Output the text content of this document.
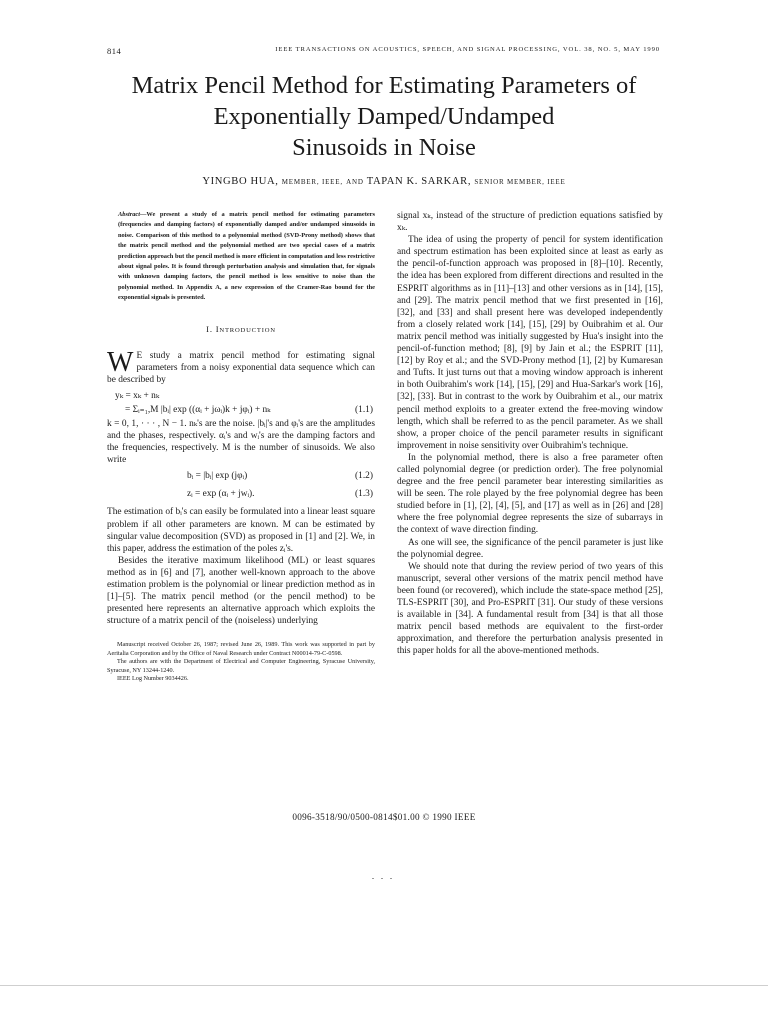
814	IEEE TRANSACTIONS ON ACOUSTICS, SPEECH, AND SIGNAL PROCESSING, VOL. 38, NO. 5, MAY 1990
Matrix Pencil Method for Estimating Parameters of
Exponentially Damped/Undamped
Sinusoids in Noise
YINGBO HUA, MEMBER, IEEE, AND TAPAN K. SARKAR, SENIOR MEMBER, IEEE
Abstract—We present a study of a matrix pencil method for estimating parameters (frequencies and damping factors) of exponentially damped and/or undamped sinusoids in noise. Comparison of this method to a polynomial method (SVD-Prony method) shows that the matrix pencil method and the polynomial method are two special cases of a matrix prediction approach but the pencil method is more efficient in computation and less restrictive about signal poles. It is found through perturbation analysis and simulation that, for signals with unknown damping factors, the pencil method is less sensitive to noise than the polynomial method. In Appendix A, a new expression of the Cramer-Rao bound for the exponential signals is presented.
I. INTRODUCTION

W E study a matrix pencil method for estimating signal parameters from a noisy exponential data sequence which can be described by

yₖ = xₖ + nₖ
= Σᵢ₌₁,M |bᵢ| exp ((αᵢ + jωᵢ)k + jφᵢ) + nₖ	(1.1)

k = 0, 1, · · · , N − 1. nₖ's are the noise. |bᵢ|'s and φᵢ's are the amplitudes and the phases, respectively. αᵢ's and wᵢ's are the damping factors and the frequencies, respectively. M is the number of sinusoids. We also write

bᵢ = |bᵢ| exp (jφᵢ)	(1.2)
zᵢ = exp (αᵢ + jwᵢ).	(1.3)

The estimation of bᵢ's can easily be formulated into a linear least square problem if all other parameters are known. M can be estimated by singular value decomposition (SVD) as proposed in [1] and [2]. We, in this paper, address the estimation of the poles zᵢ's.

Besides the iterative maximum likelihood (ML) or least squares method as in [6] and [7], another well-known approach to the above estimation problem is the polynomial or linear prediction method as in [1]–[5]. The matrix pencil method (or the pencil method) to be presented here represents an alternative approach which exploits the structure of a matrix pencil of the (noiseless) underlying

Manuscript received October 26, 1987; revised June 26, 1989. This work was supported in part by Aeritalia Corporation and by the Office of Naval Research under Contract N00014-79-C-0598.

The authors are with the Department of Electrical and Computer Engineering, Syracuse University, Syracuse, NY 13244-1240.

IEEE Log Number 9034426.

signal xₖ, instead of the structure of prediction equations satisfied by xₖ.

The idea of using the property of pencil for system identification and spectrum estimation has been exploited since at least as early as the pencil-of-function approach was proposed in [8]–[10]. Recently, the idea has been explored from different directions and resulted in the ESPRIT algorithms as in [11]–[13] and other versions as in [14], [15], and [29]. The matrix pencil method that we first presented in [16], [32], and [33] and shall present here was developed independently from a closely related work [14], [15], [29] by Ouibrahim et al. Our matrix pencil method was initially suggested by Hua's insight into the pencil-of-function method; [8], [9] by Jain et al.; the ESPRIT [11], [12] by Roy et al.; and the SVD-Prony method [1], [2] by Kumaresan and Tufts. It just turns out that a moving window approach is inherent in both Ouibrahim's work [14], [15], [29] and Hua-Sarkar's work [16], [32], [33]. But in contrast to the work by Ouibrahim et al., our matrix pencil method exploits to a greater extend the free-moving window length, which shall be referred to as the pencil parameter. As we shall show, a proper choice of the pencil parameter results in significant improvement in noise sensitivity over Ouibrahim's technique.

In the polynomial method, there is also a free parameter often called polynomial degree (or prediction order). The free polynomial degree and the free pencil parameter bear interesting similarities as will be seen. The role played by the free polynomial degree has been studied before in [1], [2], [4], [5], and [17] as well as in [26] and [28] where the free polynomial degree represents the size of subarrays in the context of wave direction finding.

As one will see, the significance of the pencil parameter is just like the polynomial degree.

We should note that during the review period of two years of this manuscript, several other versions of the matrix pencil method have been found (or recovered), which include the state-space method [25], TLS-ESPRIT [30], and Pro-ESPRIT [31]. Our study of these versions is available in [34]. A fundamental result from [34] is that all those matrix pencil based methods are equivalent to the first-order approximation, and therefore the perturbation analysis presented in this paper holds for all the above-mentioned methods.

0096-3518/90/0500-0814$01.00 © 1990 IEEE
